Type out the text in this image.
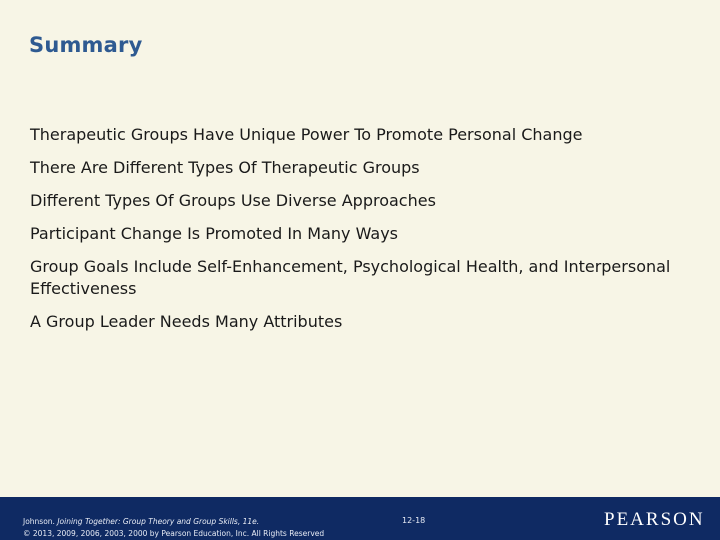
Summary
Therapeutic Groups Have Unique Power To Promote Personal Change
There Are Different Types Of Therapeutic Groups
Different Types Of Groups Use Diverse Approaches
Participant Change Is Promoted In Many Ways
Group Goals Include Self-Enhancement, Psychological Health, and Interpersonal Effectiveness
A Group Leader Needs Many Attributes
Johnson. Joining Together: Group Theory and Group Skills, 11e.
© 2013, 2009, 2006, 2003, 2000 by Pearson Education, Inc. All Rights Reserved
12-18	PEARSON
